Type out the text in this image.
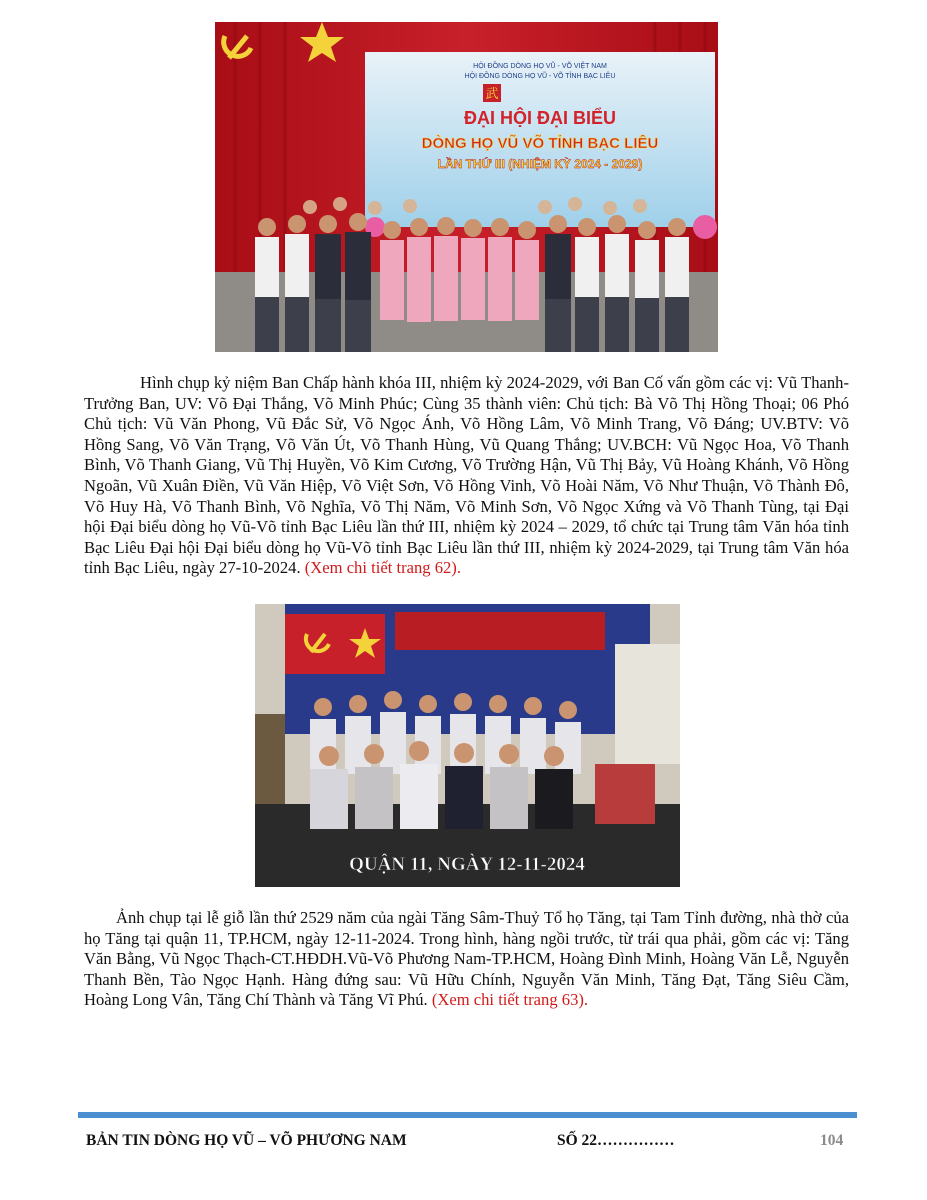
武
HỘI ĐỒNG DÒNG HỌ VŨ - VÕ VIỆT NAM
HỘI ĐỒNG DÒNG HỌ VŨ - VÕ TỈNH BẠC LIÊU
ĐẠI HỘI ĐẠI BIỂU
DÒNG HỌ VŨ VÕ TỈNH BẠC LIÊU
LẦN THỨ III (NHIỆM KỲ 2024 - 2029)

Hình chụp kỷ niệm Ban Chấp hành khóa III, nhiệm kỳ 2024-2029, với Ban Cố vấn gồm các vị: Vũ Thanh-Trưởng Ban, UV: Võ Đại Thắng, Võ Minh Phúc; Cùng 35 thành viên: Chủ tịch: Bà Võ Thị Hồng Thoại; 06 Phó Chủ tịch: Vũ Văn Phong, Vũ Đắc Sử, Võ Ngọc Ánh, Võ Hồng Lâm, Võ Minh Trang, Võ Đáng; UV.BTV: Võ Hồng Sang, Võ Văn Trạng, Võ Văn Út, Võ Thanh Hùng, Vũ Quang Thắng; UV.BCH: Vũ Ngọc Hoa, Võ Thanh Bình, Võ Thanh Giang, Vũ Thị Huyền, Võ Kim Cương, Võ Trường Hận, Vũ Thị Bảy, Vũ Hoàng Khánh, Võ Hồng Ngoãn, Vũ Xuân Điền, Vũ Văn Hiệp, Võ Việt Sơn, Võ Hồng Vinh, Võ Hoài Năm, Võ Như Thuận, Võ Thành Đô, Võ Huy Hà, Võ Thanh Bình, Võ Nghĩa, Võ Thị Năm, Võ Minh Sơn, Võ Ngọc Xứng và Võ Thanh Tùng, tại Đại hội Đại biểu dòng họ Vũ-Võ tỉnh Bạc Liêu lần thứ III, nhiệm kỳ 2024 – 2029, tổ chức tại Trung tâm Văn hóa tỉnh Bạc Liêu Đại hội Đại biểu dòng họ Vũ-Võ tỉnh Bạc Liêu lần thứ III, nhiệm kỳ 2024-2029, tại Trung tâm Văn hóa tỉnh Bạc Liêu, ngày 27-10-2024. (Xem chi tiết trang 62).

QUẬN 11, NGÀY 12-11-2024

Ảnh chụp tại lễ giỗ lần thứ 2529 năm của ngài Tăng Sâm-Thuỷ Tổ họ Tăng, tại Tam Tỉnh đường, nhà thờ của họ Tăng tại quận 11, TP.HCM, ngày 12-11-2024. Trong hình, hàng ngồi trước, từ trái qua phải, gồm các vị: Tăng Văn Bằng, Vũ Ngọc Thạch-CT.HĐDH.Vũ-Võ Phương Nam-TP.HCM, Hoàng Đình Minh, Hoàng Văn Lễ, Nguyễn Thanh Bền, Tào Ngọc Hạnh. Hàng đứng sau: Vũ Hữu Chính, Nguyễn Văn Minh, Tăng Đạt, Tăng Siêu Cầm, Hoàng Long Vân, Tăng Chí Thành và Tăng Vĩ Phú. (Xem chi tiết trang 63).

BẢN TIN DÒNG HỌ VŨ – VÕ PHƯƠNG NAM	SỐ 22……………	104
